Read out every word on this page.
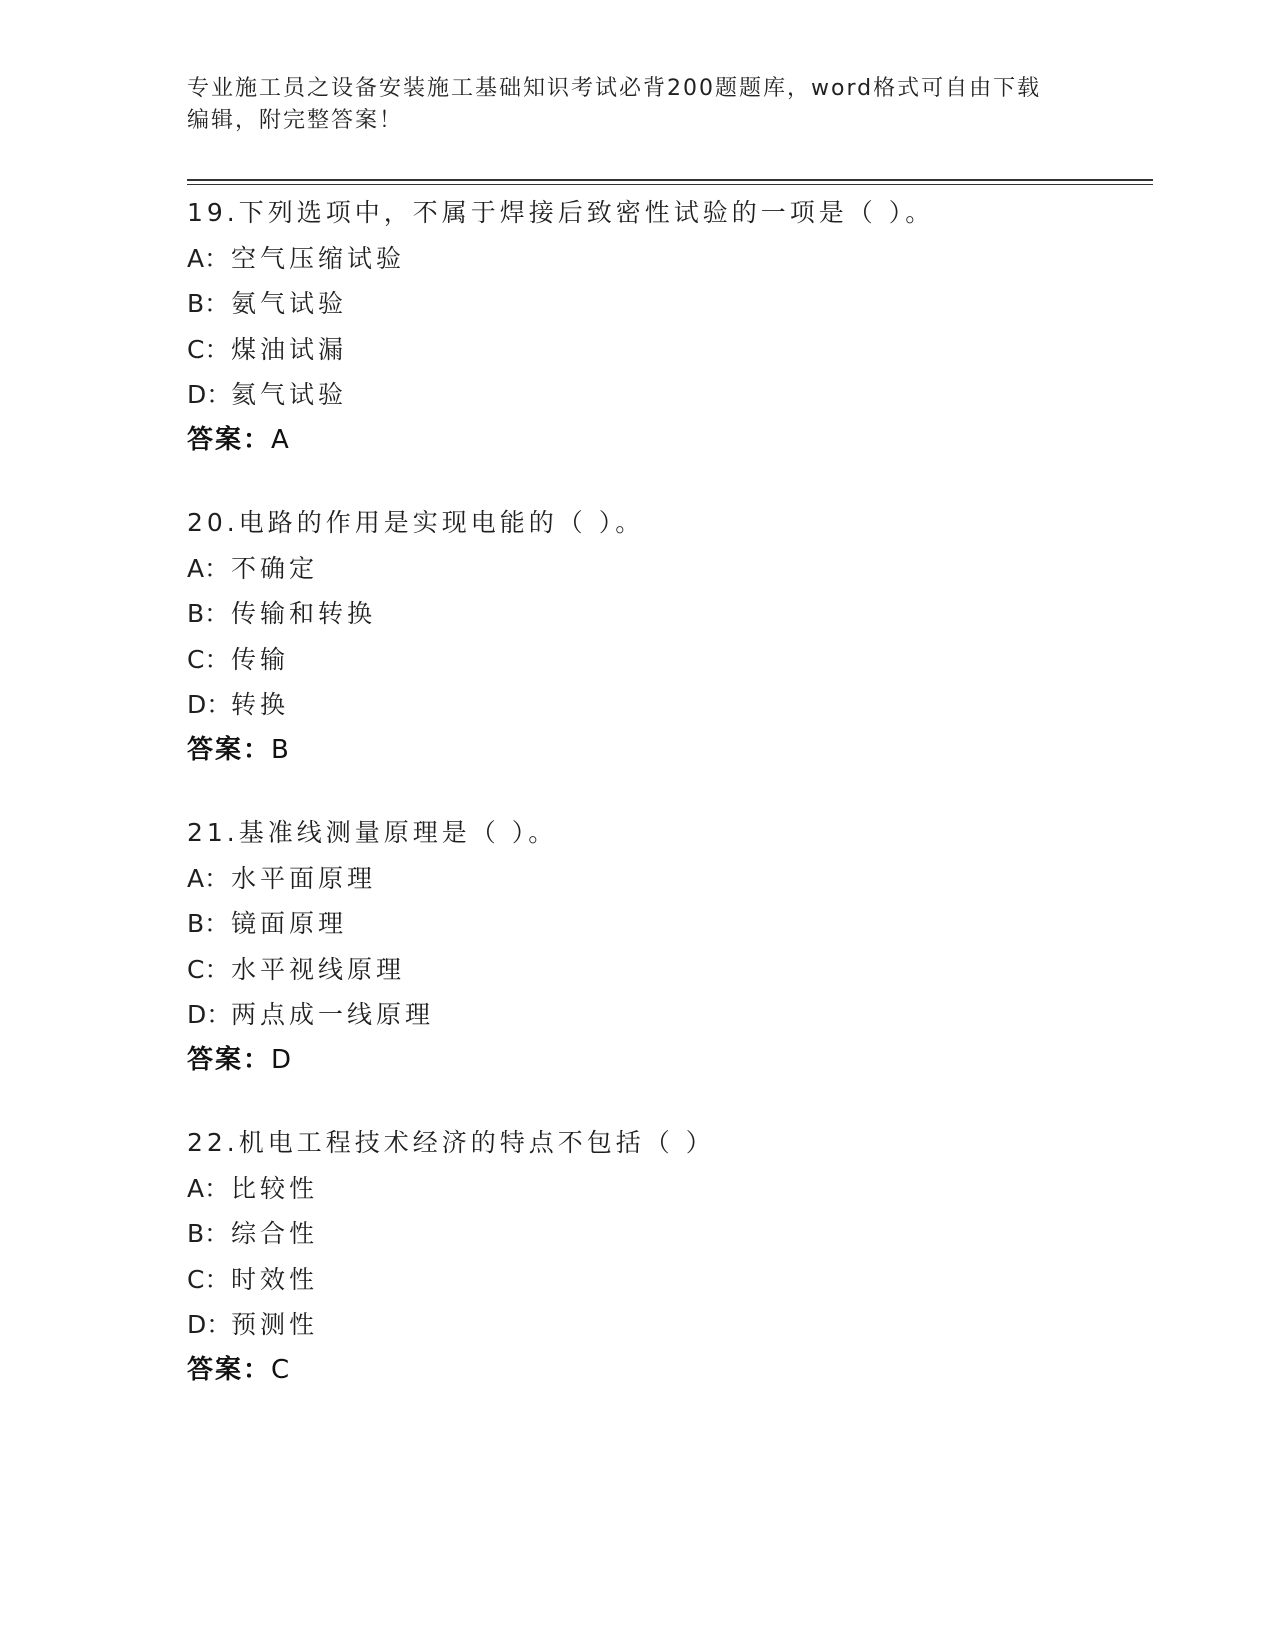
专业施工员之设备安装施工基础知识考试必背200题题库，word格式可自由下载
编辑，附完整答案！
19.下列选项中，不属于焊接后致密性试验的一项是（ ）。
A：空气压缩试验
B：氨气试验
C：煤油试漏
D：氦气试验
答案：A
20.电路的作用是实现电能的（ ）。
A：不确定
B：传输和转换
C：传输
D：转换
答案：B
21.基准线测量原理是（ ）。
A：水平面原理
B：镜面原理
C：水平视线原理
D：两点成一线原理
答案：D
22.机电工程技术经济的特点不包括（ ）
A：比较性
B：综合性
C：时效性
D：预测性
答案：C
